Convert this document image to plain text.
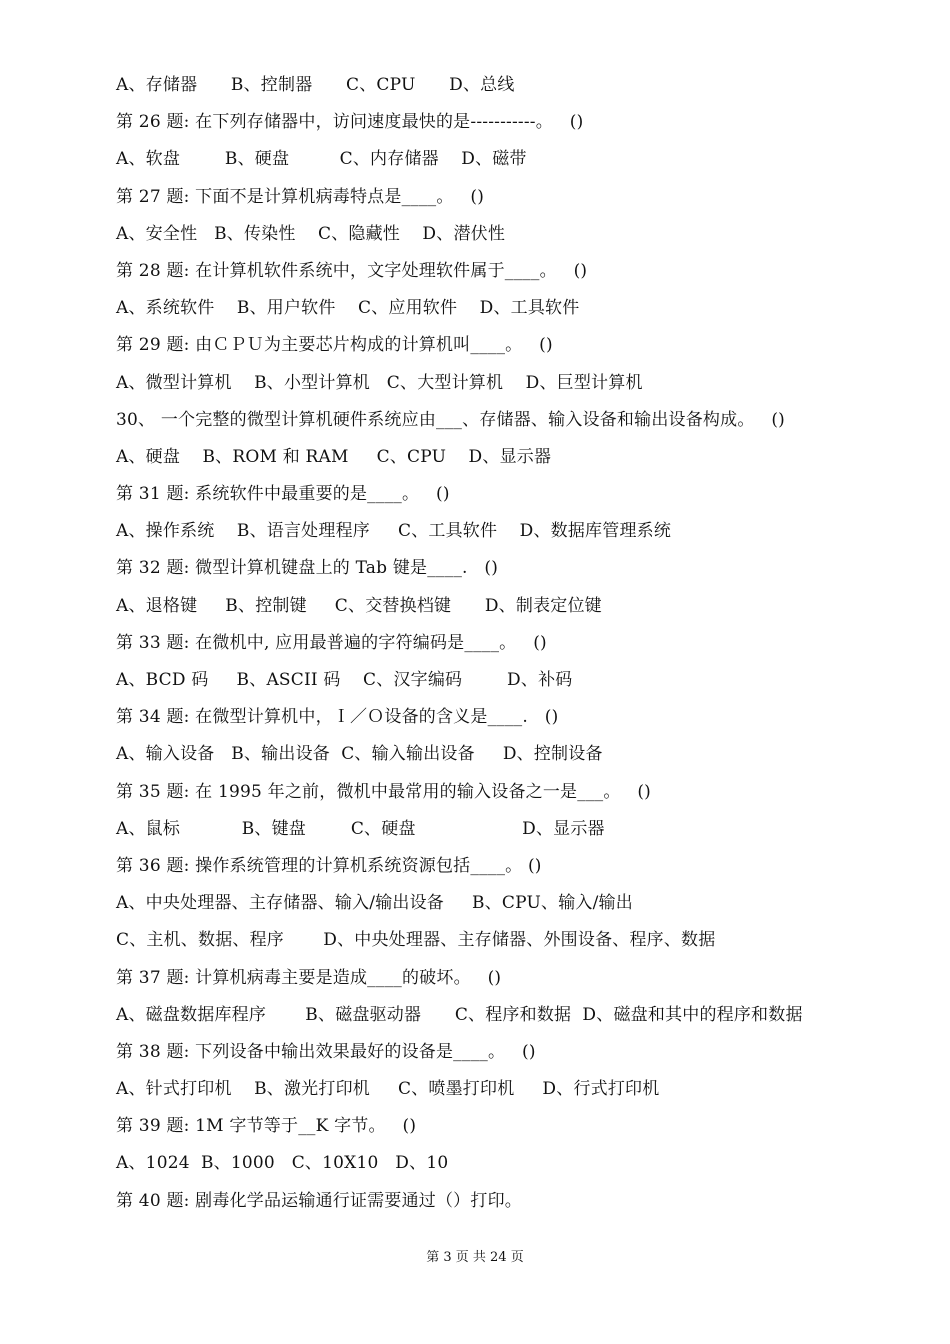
A、存储器      B、控制器      C、CPU      D、总线
第 26 题: 在下列存储器中，访问速度最快的是-----------。   ()
A、软盘        B、硬盘         C、内存储器    D、磁带
第 27 题: 下面不是计算机病毒特点是____。   ()
A、安全性   B、传染性    C、隐藏性    D、潜伏性
第 28 题: 在计算机软件系统中，文字处理软件属于____。   ()
A、系统软件    B、用户软件    C、应用软件    D、工具软件
第 29 题: 由ＣＰＵ为主要芯片构成的计算机叫____。   ()
A、微型计算机    B、小型计算机   C、大型计算机    D、巨型计算机
30、 一个完整的微型计算机硬件系统应由___、存储器、输入设备和输出设备构成。   ()
A、硬盘    B、ROM 和 RAM     C、CPU    D、显示器
第 31 题: 系统软件中最重要的是____。   ()
A、操作系统    B、语言处理程序     C、工具软件    D、数据库管理系统
第 32 题: 微型计算机键盘上的 Tab 键是____.   ()
A、退格键     B、控制键     C、交替换档键      D、制表定位键
第 33 题: 在微机中, 应用最普遍的字符编码是____。   ()
A、BCD 码     B、ASCII 码    C、汉字编码        D、补码
第 34 题: 在微型计算机中，Ｉ／Ｏ设备的含义是____.   ()
A、输入设备   B、输出设备  C、输入输出设备     D、控制设备
第 35 题: 在 1995 年之前，微机中最常用的输入设备之一是___。   ()
A、鼠标           B、键盘        C、硬盘                   D、显示器
第 36 题: 操作系统管理的计算机系统资源包括____。 ()
A、中央处理器、主存储器、输入/输出设备     B、CPU、输入/输出
C、主机、数据、程序       D、中央处理器、主存储器、外围设备、程序、数据
第 37 题: 计算机病毒主要是造成____的破坏。   ()
A、磁盘数据库程序       B、磁盘驱动器      C、程序和数据  D、磁盘和其中的程序和数据
第 38 题: 下列设备中输出效果最好的设备是____。   ()
A、针式打印机    B、激光打印机     C、喷墨打印机     D、行式打印机
第 39 题: 1M 字节等于__K 字节。   ()
A、1024  B、1000   C、10X10   D、10
第 40 题: 剧毒化学品运输通行证需要通过（）打印。
第 3 页 共 24 页
